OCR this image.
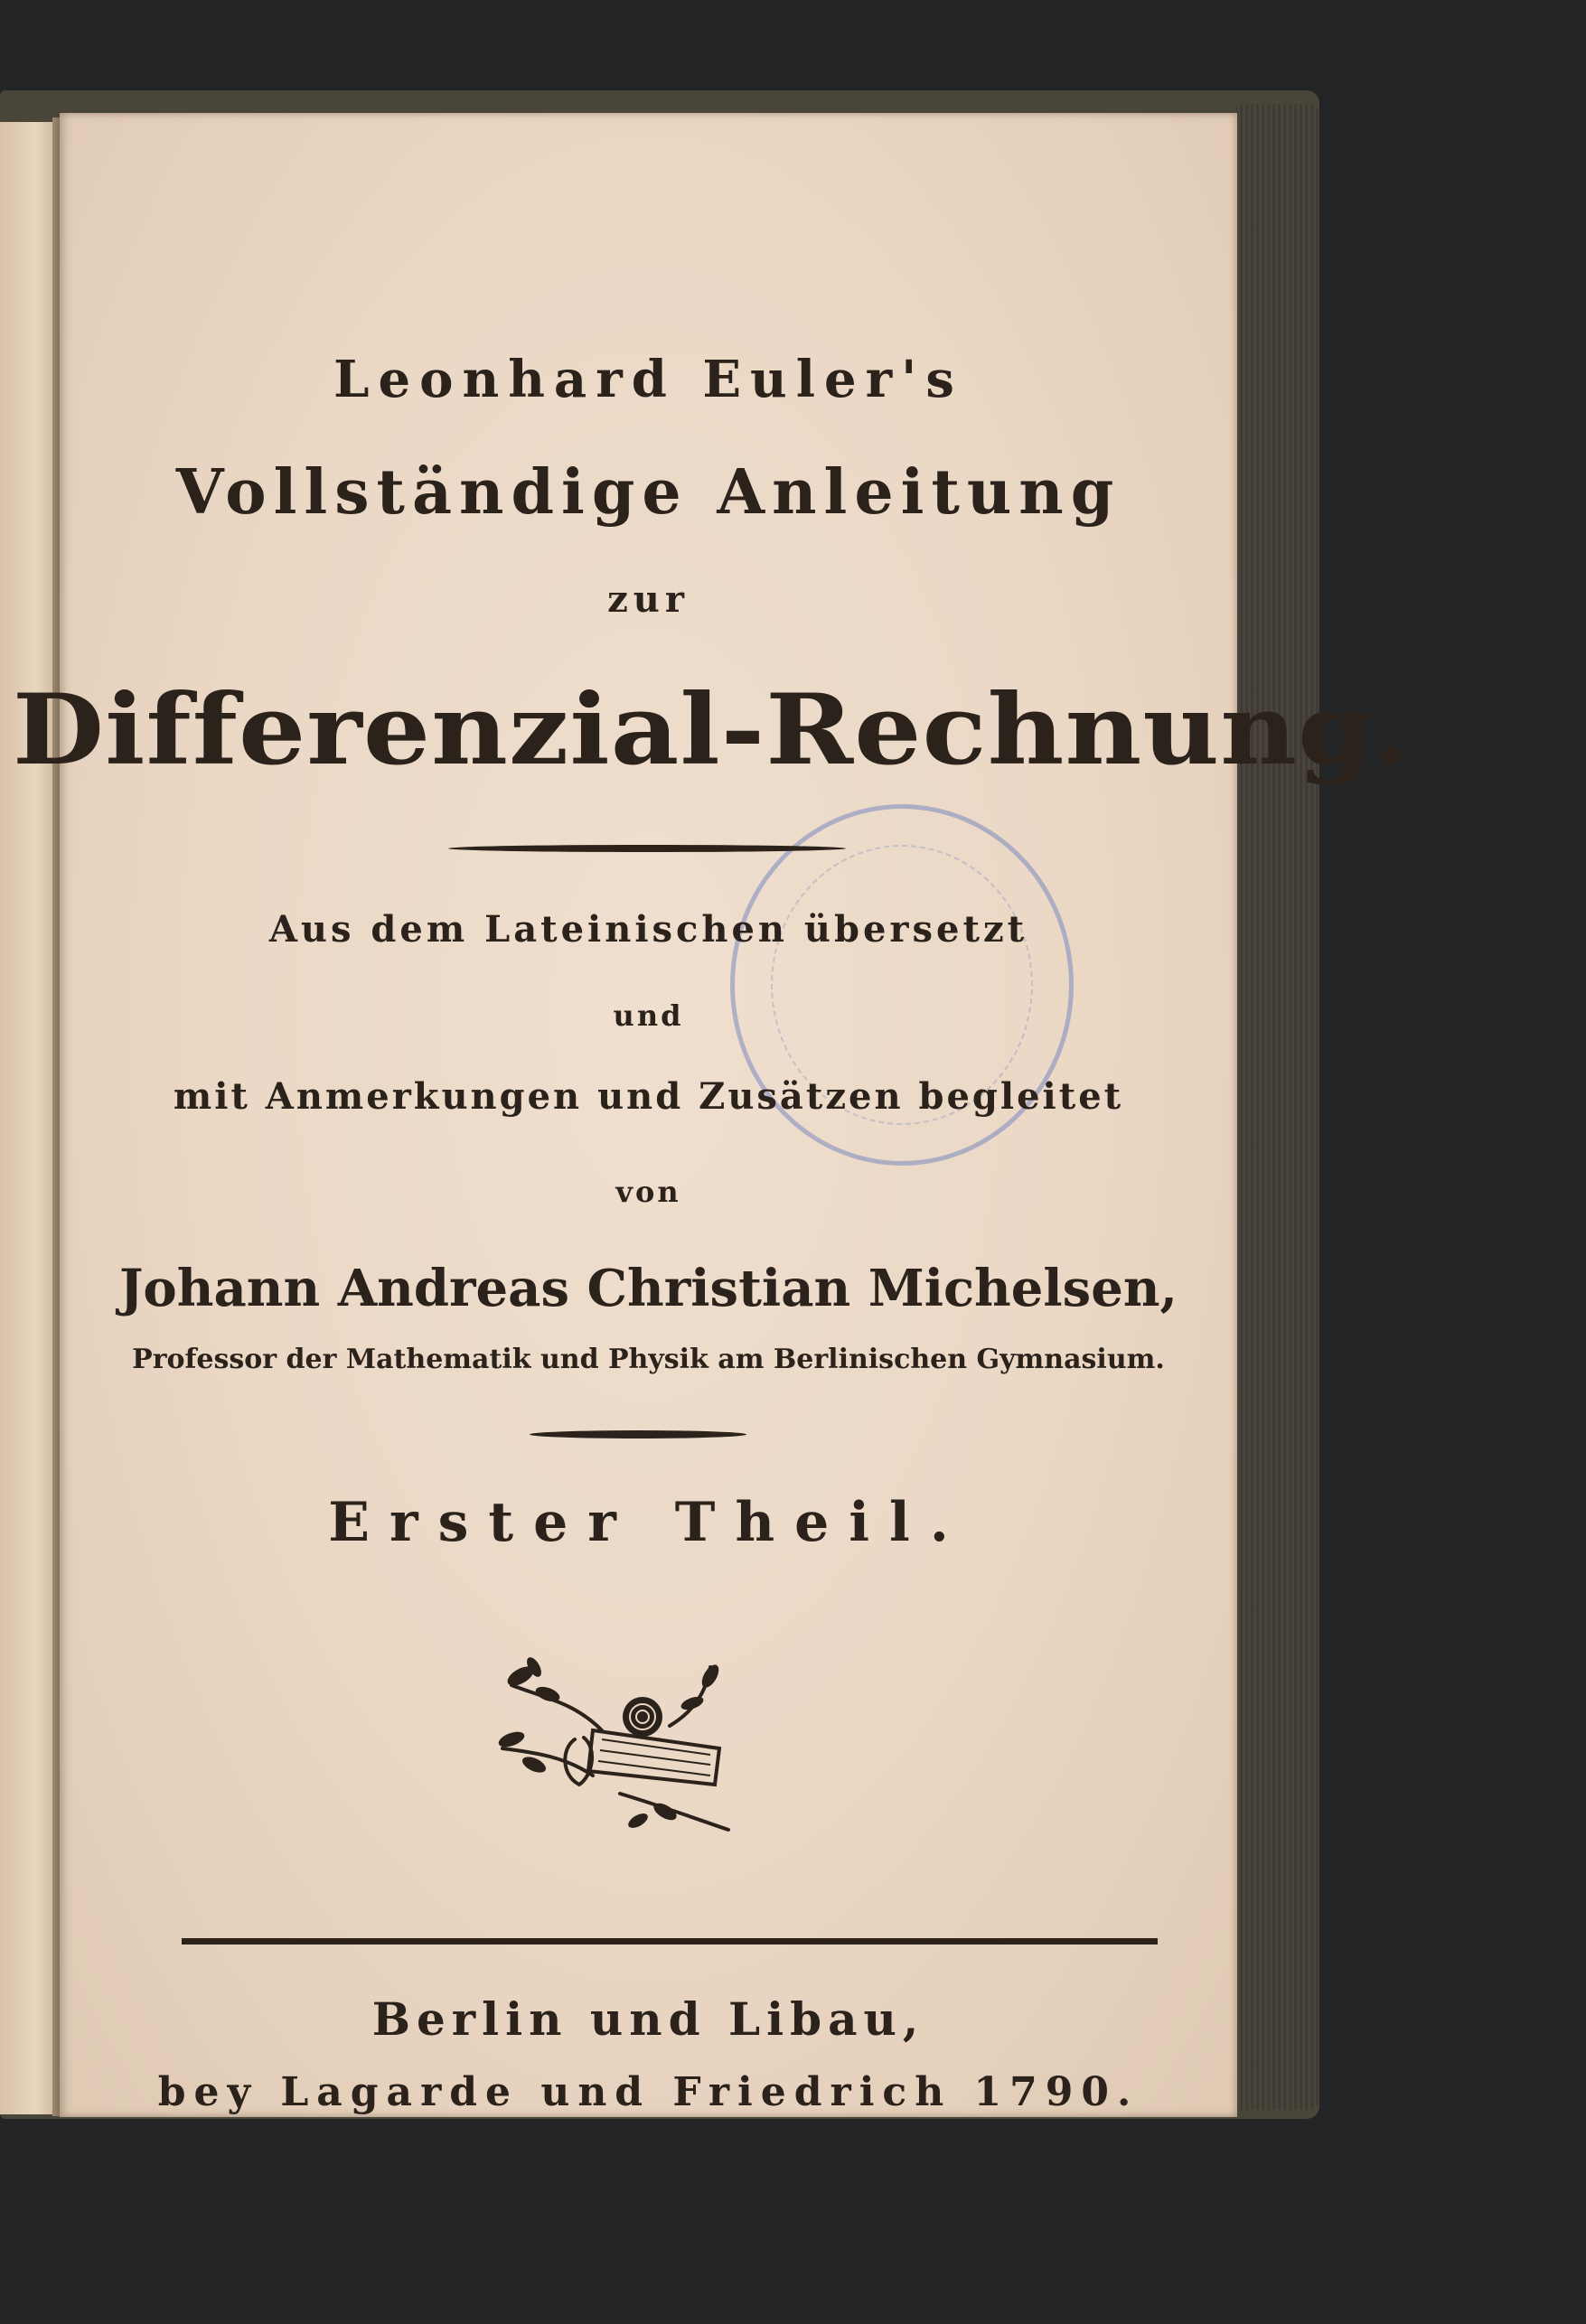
Leonhard Euler's
Vollständige Anleitung
zur
Differenzial-Rechnung.
Aus dem Lateinischen übersetzt
und
mit Anmerkungen und Zusätzen begleitet
von
Johann Andreas Christian Michelsen,
Professor der Mathematik und Physik am Berlinischen Gymnasium.
Erster Theil.
Berlin und Libau,
bey Lagarde und Friedrich 1790.
